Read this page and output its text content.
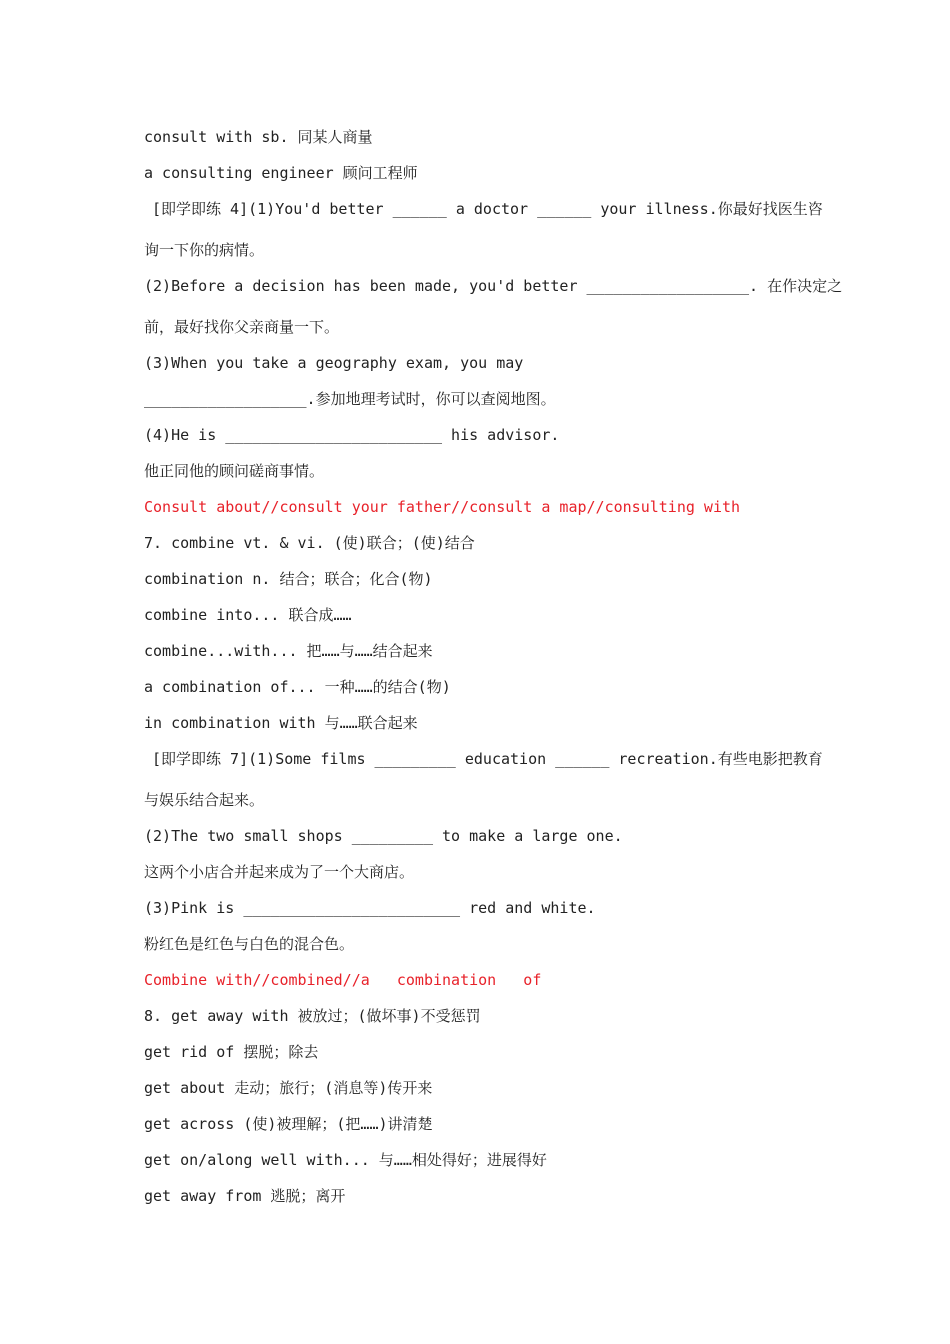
consult with sb. 同某人商量
a consulting engineer 顾问工程师
[即学即练 4](1)You'd better ______ a doctor ______ your illness.你最好找医生咨
询一下你的病情。
(2)Before a decision has been made, you'd better __________________. 在作决定之
前，最好找你父亲商量一下。
(3)When you take a geography exam, you may
__________________.参加地理考试时，你可以查阅地图。
(4)He is ________________________ his advisor.
他正同他的顾问磋商事情。
Consult about//consult your father//consult a map//consulting with
7. combine vt. & vi. (使)联合；(使)结合
combination n. 结合；联合；化合(物)
combine into... 联合成……
combine...with... 把……与……结合起来
a combination of... 一种……的结合(物)
in combination with 与……联合起来
[即学即练 7](1)Some films _________ education ______ recreation.有些电影把教育
与娱乐结合起来。
(2)The two small shops _________ to make a large one.
这两个小店合并起来成为了一个大商店。
(3)Pink is ________________________ red and white.
粉红色是红色与白色的混合色。
Combine with//combined//a   combination   of
8. get away with 被放过；(做坏事)不受惩罚
get rid of 摆脱；除去
get about 走动；旅行；(消息等)传开来
get across (使)被理解；(把……)讲清楚
get on/along well with... 与……相处得好；进展得好
get away from 逃脱；离开
